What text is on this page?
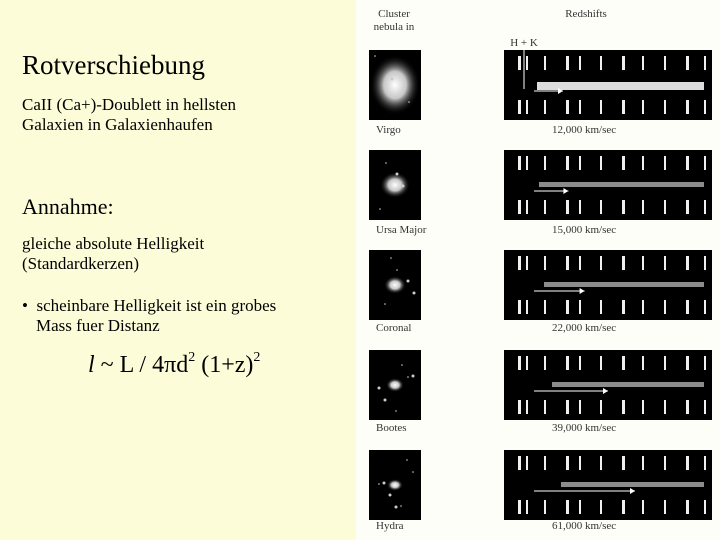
Rotverschiebung

CaII (Ca+)-Doublett in hellsten
Galaxien in Galaxienhaufen

Annahme:

gleiche absolute Helligkeit
(Standardkerzen)

• scheinbare Helligkeit ist ein grobes
Mass fuer Distanz

l ~ L / $4\pi d^2$ $(1+z)^2$
Cluster nebula in
Redshifts
H + K
Virgo	12,000 km/sec
Ursa Major	15,000 km/sec
Coronal	22,000 km/sec
Bootes	39,000 km/sec
Hydra	61,000 km/sec
